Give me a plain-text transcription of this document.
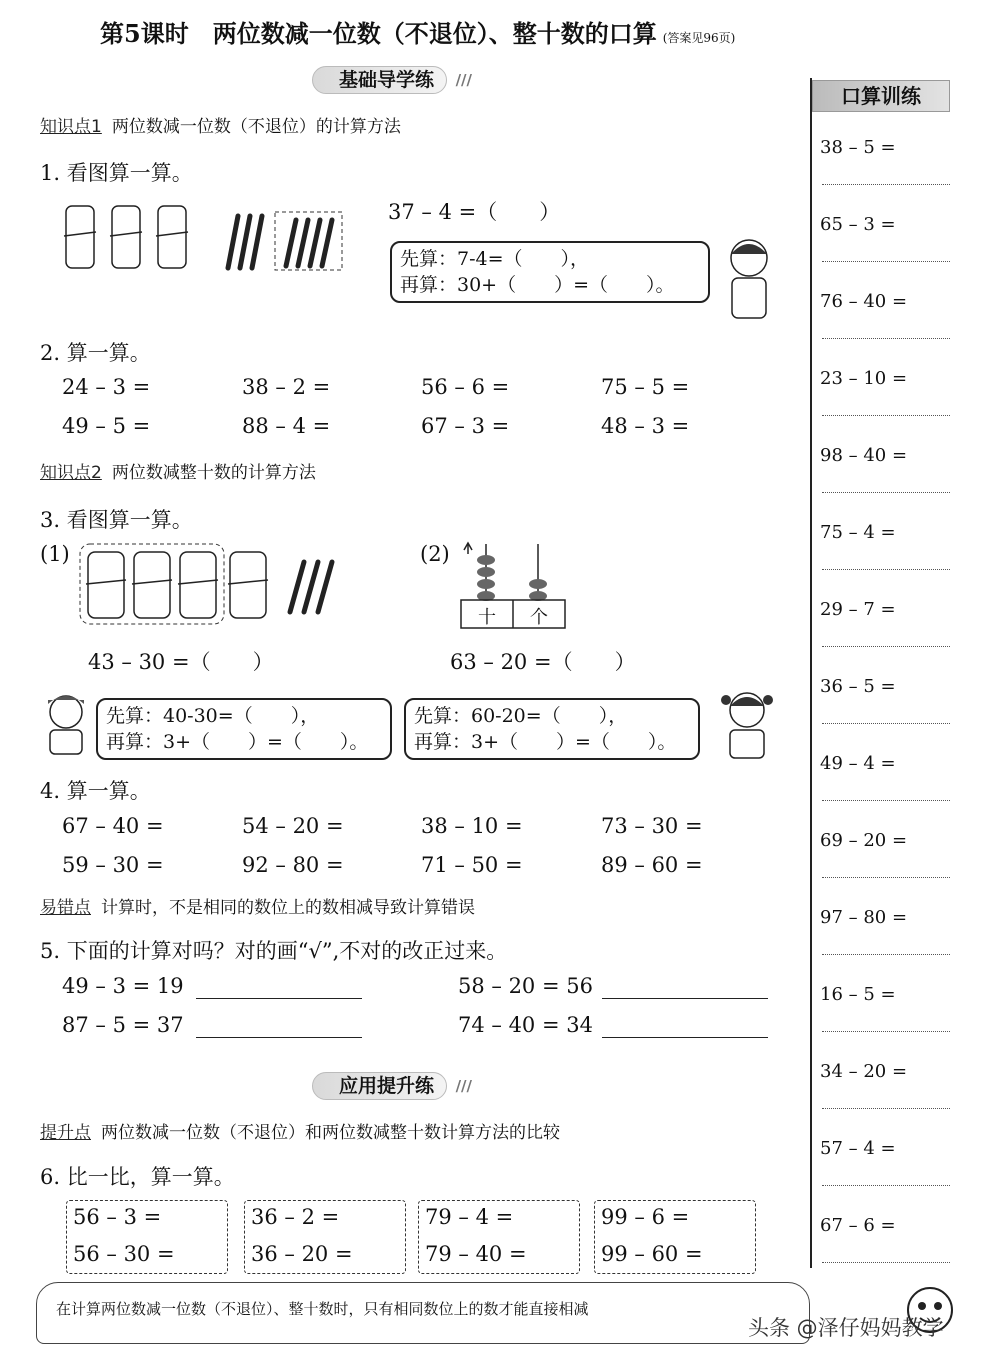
第5课时　两位数减一位数（不退位）、整十数的口算 (答案见96页)
基础导学练 ///
知识点1 两位数减一位数（不退位）的计算方法
1. 看图算一算。
37 – 4 =（　　）
先算：7-4=（　　），
再算：30+（　　）=（　　）。
2. 算一算。
24 – 3 =	38 – 2 =	56 – 6 =	75 – 5 =
49 – 5 =	88 – 4 =	67 – 3 =	48 – 3 =
知识点2 两位数减整十数的计算方法
3. 看图算一算。
(1)	(2)
十 个
43 – 30 =（　　）	63 – 20 =（　　）
先算：40-30=（　　），
再算：3+（　　）=（　　）。
先算：60-20=（　　），
再算：3+（　　）=（　　）。
4. 算一算。
67 – 40 =	54 – 20 =	38 – 10 =	73 – 30 =
59 – 30 =	92 – 80 =	71 – 50 =	89 – 60 =
易错点 计算时，不是相同的数位上的数相减导致计算错误
5. 下面的计算对吗？对的画“√”,不对的改正过来。
49 – 3 = 19	58 – 20 = 56
87 – 5 = 37	74 – 40 = 34
应用提升练 ///
提升点 两位数减一位数（不退位）和两位数减整十数计算方法的比较
6. 比一比，算一算。
56 – 3 =
56 – 30 =
36 – 2 =
36 – 20 =
79 – 4 =
79 – 40 =
99 – 6 =
99 – 60 =
口算训练
38 – 5 =
65 – 3 =
76 – 40 =
23 – 10 =
98 – 40 =
75 – 4 =
29 – 7 =
36 – 5 =
49 – 4 =
69 – 20 =
97 – 80 =
16 – 5 =
34 – 20 =
57 – 4 =
67 – 6 =
在计算两位数减一位数（不退位）、整十数时，只有相同数位上的数才能直接相减
头条 @泽仔妈妈教学
